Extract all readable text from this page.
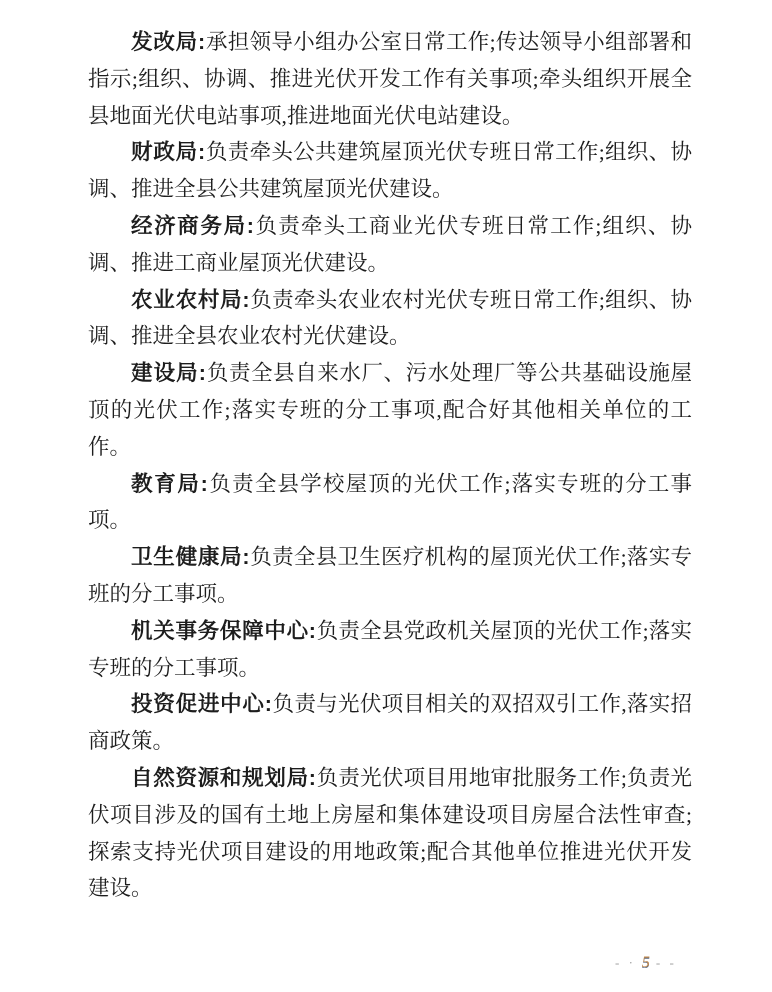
发改局:承担领导小组办公室日常工作;传达领导小组部署和指示;组织、协调、推进光伏开发工作有关事项;牵头组织开展全县地面光伏电站事项,推进地面光伏电站建设。

财政局:负责牵头公共建筑屋顶光伏专班日常工作;组织、协调、推进全县公共建筑屋顶光伏建设。

经济商务局:负责牵头工商业光伏专班日常工作;组织、协调、推进工商业屋顶光伏建设。

农业农村局:负责牵头农业农村光伏专班日常工作;组织、协调、推进全县农业农村光伏建设。

建设局:负责全县自来水厂、污水处理厂等公共基础设施屋顶的光伏工作;落实专班的分工事项,配合好其他相关单位的工作。

教育局:负责全县学校屋顶的光伏工作;落实专班的分工事项。

卫生健康局:负责全县卫生医疗机构的屋顶光伏工作;落实专班的分工事项。

机关事务保障中心:负责全县党政机关屋顶的光伏工作;落实专班的分工事项。

投资促进中心:负责与光伏项目相关的双招双引工作,落实招商政策。

自然资源和规划局:负责光伏项目用地审批服务工作;负责光伏项目涉及的国有土地上房屋和集体建设项目房屋合法性审查;探索支持光伏项目建设的用地政策;配合其他单位推进光伏开发建设。

- · 5 - -
